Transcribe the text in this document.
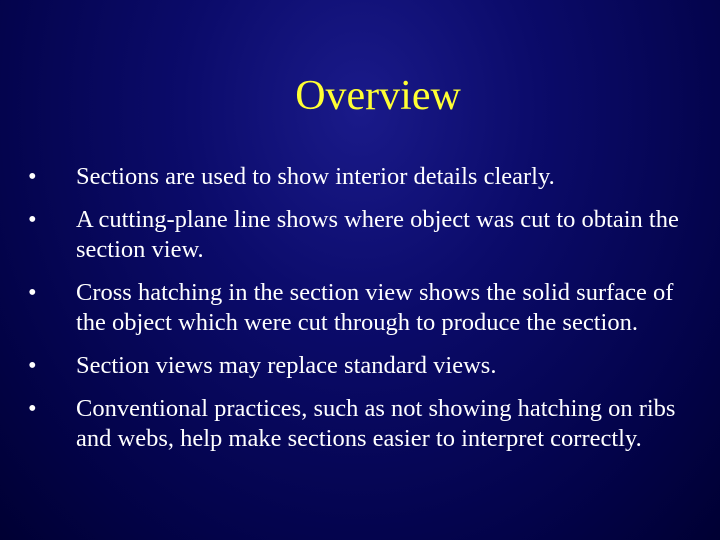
Overview
•	Sections are used to show interior details clearly.
•	A cutting-plane line shows where object was cut to obtain the section view.
•	Cross hatching in the section view shows the solid surface of the object which were cut through to produce the section.
•	Section views may replace standard views.
•	Conventional practices, such as not showing hatching on ribs and webs, help make sections easier to interpret correctly.
